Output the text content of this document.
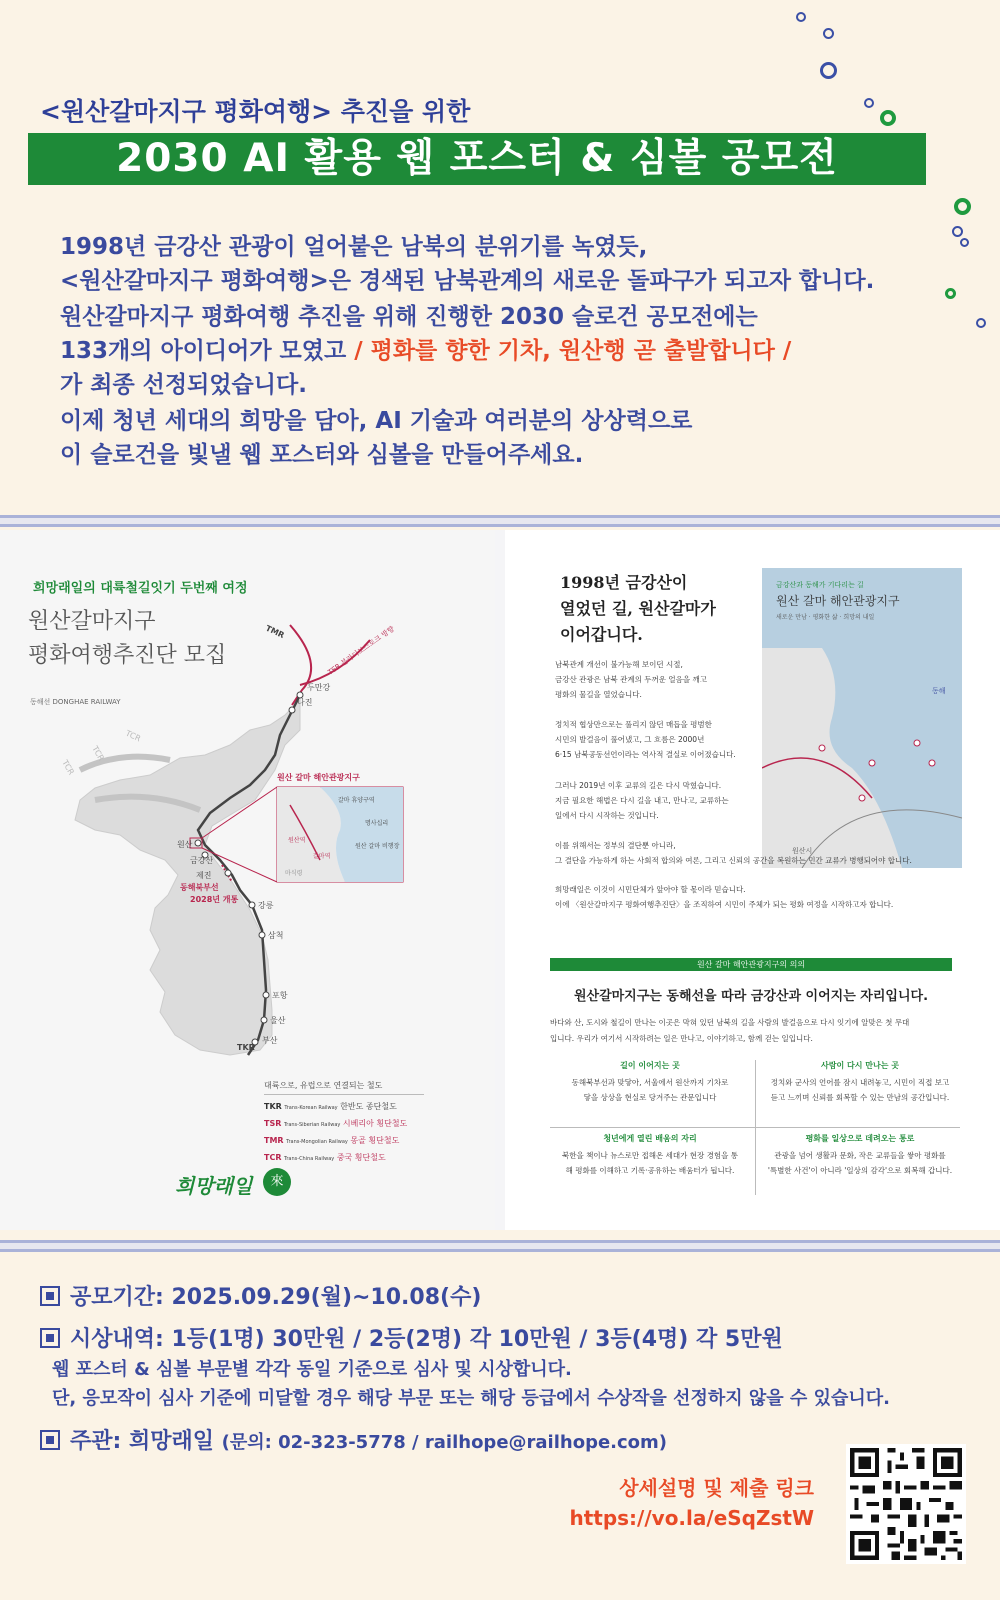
<원산갈마지구 평화여행> 추진을 위한
2030 AI 활용 웹 포스터 & 심볼 공모전
1998년 금강산 관광이 얼어붙은 남북의 분위기를 녹였듯,
<원산갈마지구 평화여행>은 경색된 남북관계의 새로운 돌파구가 되고자 합니다.
원산갈마지구 평화여행 추진을 위해 진행한 2030 슬로건 공모전에는
133개의 아이디어가 모였고 / 평화를 향한 기차, 원산행 곧 출발합니다 /
가 최종 선정되었습니다.
이제 청년 세대의 희망을 담아, AI 기술과 여러분의 상상력으로
이 슬로건을 빛낼 웹 포스터와 심볼을 만들어주세요.
TMR	TSR 블라디보스토크 방향
두만강
나진
TCR
TCR
TCR
원산 갈마 해안관광지구
원산
금강산
제진
동해북부선
2028년 개통
강릉
삼척
포항
울산
부산
TKR
갈마 휴양구역
명사십리
원산역
원산 갈마 비행장
갈마역
마식령
희망래일의 대륙철길잇기 두번째 여정
원산갈마지구
평화여행추진단 모집
동해선 DONGHAE RAILWAY
대륙으로, 유럽으로 연결되는 철도
TKR Trans-Korean Railway 한반도 종단철도
TSR Trans-Siberian Railway 시베리아 횡단철도
TMR Trans-Mongolian Railway 몽골 횡단철도
TCR Trans-China Railway 중국 횡단철도
희망래일	來
1998년 금강산이
열었던 길, 원산갈마가
이어갑니다.
동해
원산시
금강산과 동해가 기다리는 길
원산 갈마 해안관광지구
새로운 만남 · 평화한 삶 · 희망의 내일
남북관계 개선이 불가능해 보이던 시절,
금강산 관광은 남북 관계의 두꺼운 얼음을 깨고
평화의 물길을 열었습니다.
정치적 협상만으로는 풀리지 않던 매듭을 평범한
시민의 발걸음이 풀어냈고, 그 흐름은 2000년
6·15 남북공동선언이라는 역사적 결실로 이어졌습니다.
그러나 2019년 이후 교류의 길은 다시 막혔습니다.
지금 필요한 해법은 다시 길을 내고, 만나고, 교류하는
일에서 다시 시작하는 것입니다.
이를 위해서는 정부의 결단뿐 아니라,
그 결단을 가능하게 하는 사회적 합의와 여론, 그리고 신뢰의 공간을 복원하는 민간 교류가 병행되어야 합니다.
희망래일은 이것이 시민단체가 앞아야 할 몫이라 믿습니다.
이에 〈원산갈마지구 평화여행추진단〉을 조직하여 시민이 주체가 되는 평화 여정을 시작하고자 합니다.
원산 갈마 해안관광지구의 의의
원산갈마지구는 동해선을 따라 금강산과 이어지는 자리입니다.
바다와 산, 도시와 철길이 만나는 이곳은 막혀 있던 남북의 길을 사람의 발걸음으로 다시 잇기에 알맞은 첫 무대
입니다. 우리가 여기서 시작하려는 일은 만나고, 이야기하고, 함께 걷는 일입니다.
길이 이어지는 곳
동해북부선과 맞닿아, 서울에서 원산까지 기차로
닿을 상상을 현실로 당겨주는 관문입니다
사람이 다시 만나는 곳
정치와 군사의 언어를 잠시 내려놓고, 시민이 직접 보고
듣고 느끼며 신뢰를 회복할 수 있는 만남의 공간입니다.
청년에게 열린 배움의 자리
북한을 책이나 뉴스로만 접해온 세대가 현장 경험을 통
해 평화를 이해하고 기록·공유하는 배움터가 됩니다.
평화를 일상으로 데려오는 통로
관광을 넘어 생활과 문화, 작은 교류들을 쌓아 평화를
'특별한 사건'이 아니라 '일상의 감각'으로 회복해 갑니다.
공모기간: 2025.09.29(월)~10.08(수)
시상내역: 1등(1명) 30만원 / 2등(2명) 각 10만원 / 3등(4명) 각 5만원
웹 포스터 & 심볼 부문별 각각 동일 기준으로 심사 및 시상합니다.
단, 응모작이 심사 기준에 미달할 경우 해당 부문 또는 해당 등급에서 수상작을 선정하지 않을 수 있습니다.
주관: 희망래일 (문의: 02-323-5778 / railhope@railhope.com)
상세설명 및 제출 링크
https://vo.la/eSqZstW
